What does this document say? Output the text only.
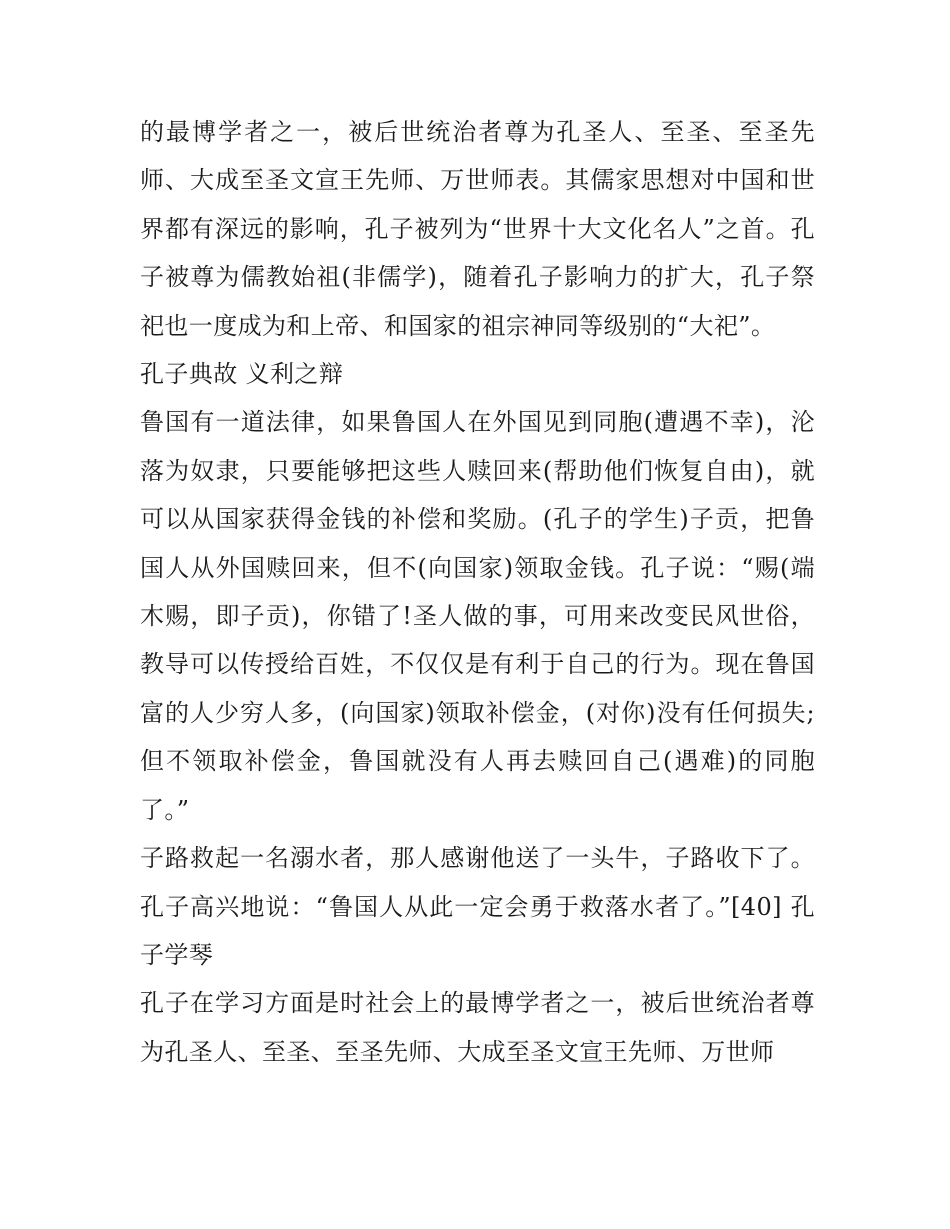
的最博学者之一，被后世统治者尊为孔圣人、至圣、至圣先师、大成至圣文宣王先师、万世师表。其儒家思想对中国和世界都有深远的影响，孔子被列为“世界十大文化名人”之首。孔子被尊为儒教始祖(非儒学)，随着孔子影响力的扩大，孔子祭祀也一度成为和上帝、和国家的祖宗神同等级别的“大祀”。

孔子典故 义利之辩

鲁国有一道法律，如果鲁国人在外国见到同胞(遭遇不幸)，沦落为奴隶，只要能够把这些人赎回来(帮助他们恢复自由)，就可以从国家获得金钱的补偿和奖励。(孔子的学生)子贡，把鲁国人从外国赎回来，但不(向国家)领取金钱。孔子说：“赐(端木赐，即子贡)，你错了!圣人做的事，可用来改变民风世俗，教导可以传授给百姓，不仅仅是有利于自己的行为。现在鲁国富的人少穷人多，(向国家)领取补偿金，(对你)没有任何损失;但不领取补偿金，鲁国就没有人再去赎回自己(遇难)的同胞了。”

子路救起一名溺水者，那人感谢他送了一头牛，子路收下了。孔子高兴地说：“鲁国人从此一定会勇于救落水者了。”[40] 孔子学琴

孔子在学习方面是时社会上的最博学者之一，被后世统治者尊为孔圣人、至圣、至圣先师、大成至圣文宣王先师、万世师
